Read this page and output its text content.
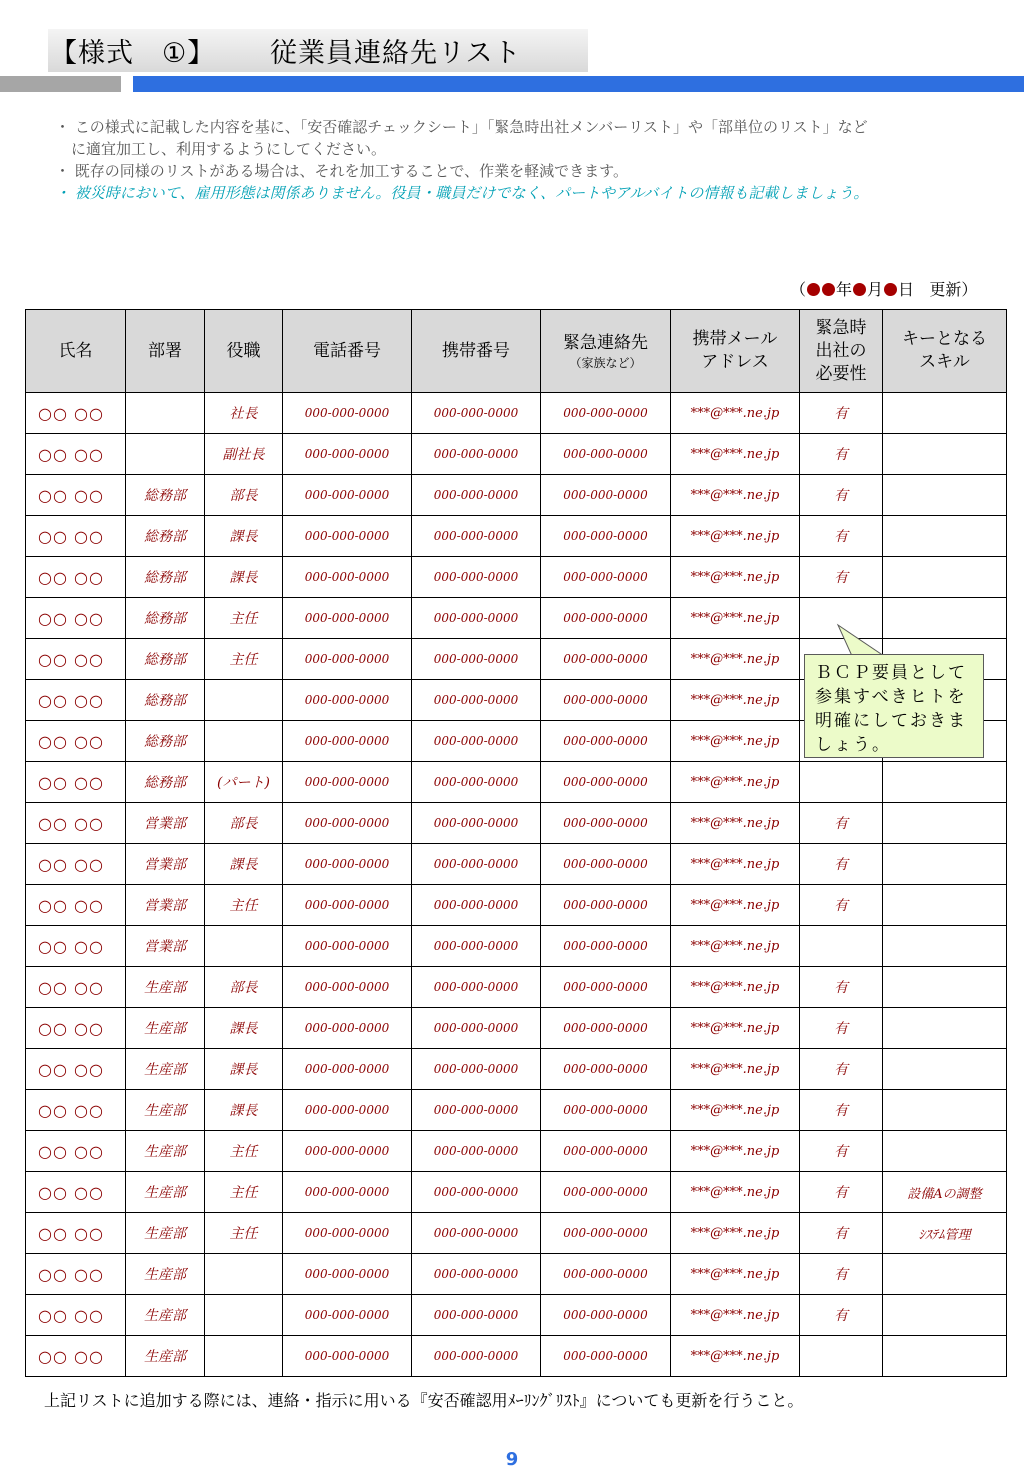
【様式　①】 従業員連絡先リスト
・ この様式に記載した内容を基に、「安否確認チェックシート」「緊急時出社メンバーリスト」や「部単位のリスト」など
に適宜加工し、利用するようにしてください。
・ 既存の同様のリストがある場合は、それを加工することで、作業を軽減できます。
・ 被災時において、雇用形態は関係ありません。役員・職員だけでなく、パートやアルバイトの情報も記載しましょう。
（ 年 月 日 更新）
氏名	部署	役職	電話番号	携帯番号	緊急連絡先
（家族など）	携帯メール
アドレス	緊急時
出社の
必要性	キーとなる
スキル
○○ ○○		社長	000-000-0000	000-000-0000	000-000-0000	***@***.ne.jp	有	
○○ ○○		副社長	000-000-0000	000-000-0000	000-000-0000	***@***.ne.jp	有	
○○ ○○	総務部	部長	000-000-0000	000-000-0000	000-000-0000	***@***.ne.jp	有	
○○ ○○	総務部	課長	000-000-0000	000-000-0000	000-000-0000	***@***.ne.jp	有	
○○ ○○	総務部	課長	000-000-0000	000-000-0000	000-000-0000	***@***.ne.jp	有	
○○ ○○	総務部	主任	000-000-0000	000-000-0000	000-000-0000	***@***.ne.jp		
○○ ○○	総務部	主任	000-000-0000	000-000-0000	000-000-0000	***@***.ne.jp		
○○ ○○	総務部		000-000-0000	000-000-0000	000-000-0000	***@***.ne.jp		
○○ ○○	総務部		000-000-0000	000-000-0000	000-000-0000	***@***.ne.jp		
○○ ○○	総務部	(パート)	000-000-0000	000-000-0000	000-000-0000	***@***.ne.jp		
○○ ○○	営業部	部長	000-000-0000	000-000-0000	000-000-0000	***@***.ne.jp	有	
○○ ○○	営業部	課長	000-000-0000	000-000-0000	000-000-0000	***@***.ne.jp	有	
○○ ○○	営業部	主任	000-000-0000	000-000-0000	000-000-0000	***@***.ne.jp	有	
○○ ○○	営業部		000-000-0000	000-000-0000	000-000-0000	***@***.ne.jp		
○○ ○○	生産部	部長	000-000-0000	000-000-0000	000-000-0000	***@***.ne.jp	有	
○○ ○○	生産部	課長	000-000-0000	000-000-0000	000-000-0000	***@***.ne.jp	有	
○○ ○○	生産部	課長	000-000-0000	000-000-0000	000-000-0000	***@***.ne.jp	有	
○○ ○○	生産部	課長	000-000-0000	000-000-0000	000-000-0000	***@***.ne.jp	有	
○○ ○○	生産部	主任	000-000-0000	000-000-0000	000-000-0000	***@***.ne.jp	有	
○○ ○○	生産部	主任	000-000-0000	000-000-0000	000-000-0000	***@***.ne.jp	有	設備Aの調整
○○ ○○	生産部	主任	000-000-0000	000-000-0000	000-000-0000	***@***.ne.jp	有	ｼｽﾃﾑ管理
○○ ○○	生産部		000-000-0000	000-000-0000	000-000-0000	***@***.ne.jp	有	
○○ ○○	生産部		000-000-0000	000-000-0000	000-000-0000	***@***.ne.jp	有	
○○ ○○	生産部		000-000-0000	000-000-0000	000-000-0000	***@***.ne.jp		
ＢＣＰ要員として
参集すべきヒトを
明確にしておきま
しょう。
上記リストに追加する際には、連絡・指示に用いる『安否確認用ﾒｰﾘﾝｸﾞﾘｽﾄ』についても更新を行うこと。
9
